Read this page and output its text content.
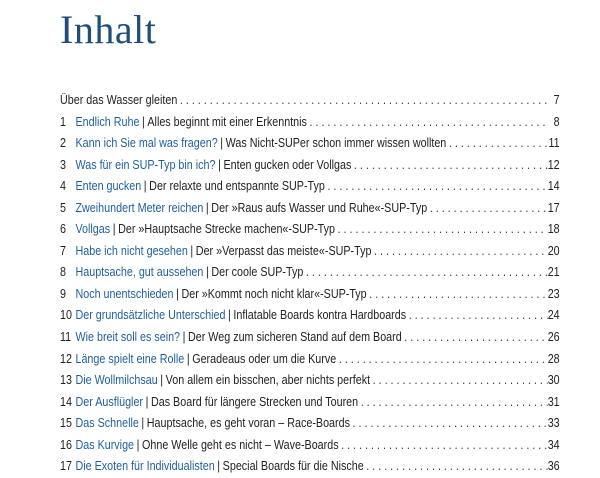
Inhalt
Über das Wasser gleiten . . .	7
1 Endlich Ruhe | Alles beginnt mit einer Erkenntnis . . .	8
2 Kann ich Sie mal was fragen? | Was Nicht-SUPer schon immer wissen wollten . . .	11
3 Was für ein SUP-Typ bin ich? | Enten gucken oder Vollgas . . .	12
4 Enten gucken | Der relaxte und entspannte SUP-Typ . . .	14
5 Zweihundert Meter reichen | Der »Raus aufs Wasser und Ruhe«-SUP-Typ . . .	17
6 Vollgas | Der »Hauptsache Strecke machen«-SUP-Typ . . .	18
7 Habe ich nicht gesehen | Der »Verpasst das meiste«-SUP-Typ . . .	20
8 Hauptsache, gut aussehen | Der coole SUP-Typ . . .	21
9 Noch unentschieden | Der »Kommt noch nicht klar«-SUP-Typ . . .	23
10 Der grundsätzliche Unterschied | Inflatable Boards kontra Hardboards . . .	24
11 Wie breit soll es sein? | Der Weg zum sicheren Stand auf dem Board . . .	26
12 Länge spielt eine Rolle | Geradeaus oder um die Kurve . . .	28
13 Die Wollmilchsau | Von allem ein bisschen, aber nichts perfekt . . .	30
14 Der Ausflügler | Das Board für längere Strecken und Touren . . .	31
15 Das Schnelle | Hauptsache, es geht voran – Race-Boards . . .	33
16 Das Kurvige | Ohne Welle geht es nicht – Wave-Boards . . .	34
17 Die Exoten für Individualisten | Special Boards für die Nische . . .	36
